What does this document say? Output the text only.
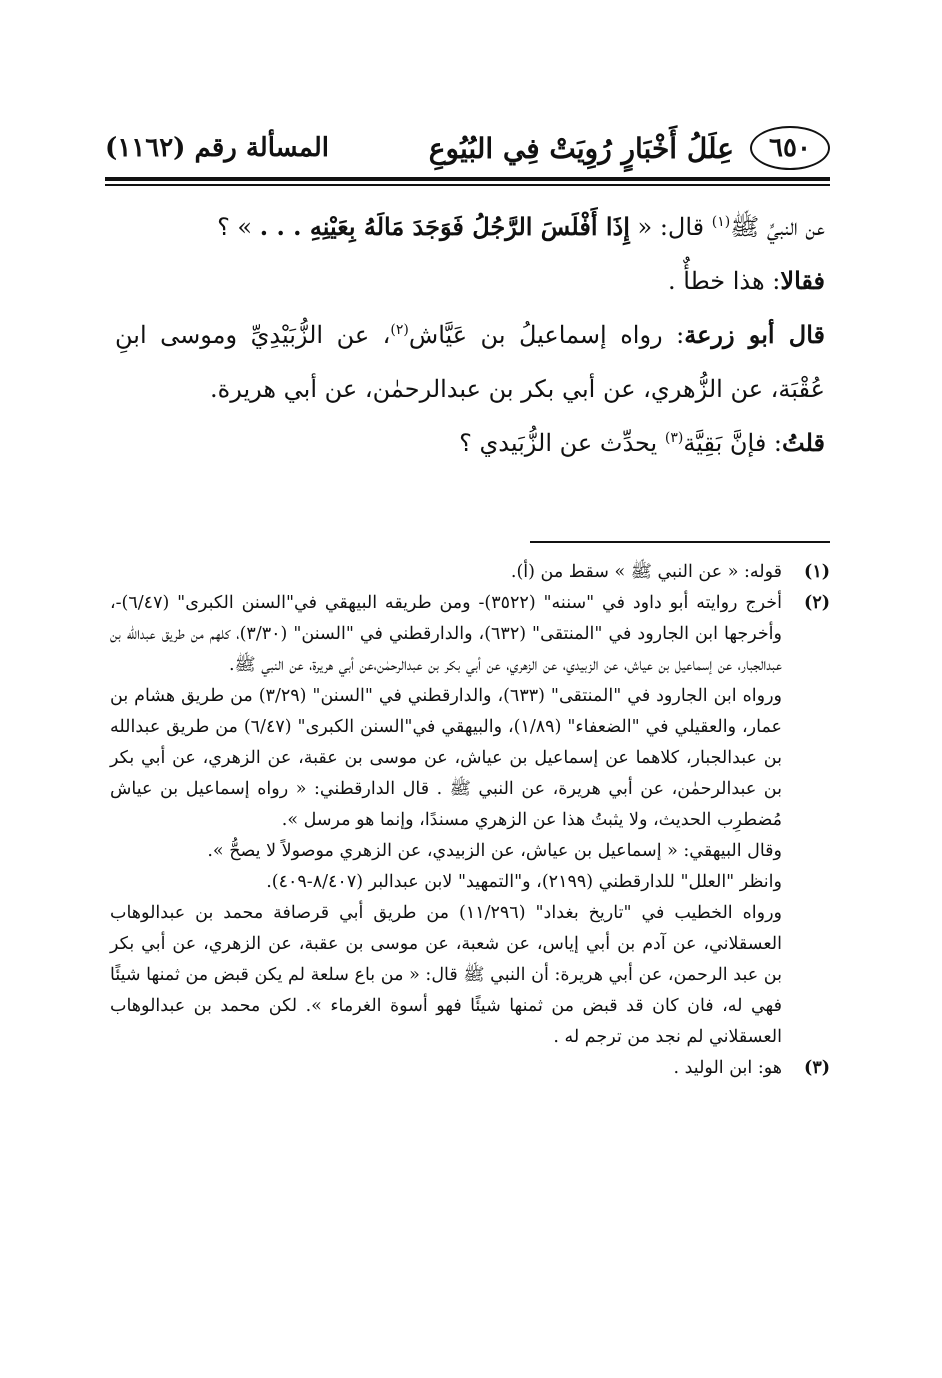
٦٥٠
عِلَلُ أَخْبَارٍ رُوِيَتْ فِي البُيُوعِ
المسألة رقم (١١٦٢)

عن النبيِّ ﷺ$^{(١)}$ قال: « إِذَا أَفْلَسَ الرَّجُلُ فَوَجَدَ مَالَهُ بِعَيْنِهِ . . . » ؟

فقالا: هذا خطأٌ .

قال أبو زرعة: رواه إسماعيلُ بن عَيَّاش$^{(٢)}$، عن الزُّبَيْدِيِّ وموسى ابنِ عُقْبَة، عن الزُّهري، عن أبي بكر بن عبدالرحمٰن، عن أبي هريرة.

قلتُ: فإنَّ بَقِيَّة$^{(٣)}$ يحدِّث عن الزُّبَيدي ؟

(١)

قوله: « عن النبي ﷺ » سقط من (أ).

(٢)

أخرج روايته أبو داود في "سننه" (٣٥٢٢)- ومن طريقه البيهقي في"السنن الكبرى" (٦/٤٧)-، وأخرجها ابن الجارود في "المنتقى" (٦٣٢)، والدارقطني في "السنن" (٣/٣٠)، كلهم من طريق عبدالله بن عبدالجبار، عن إسماعيل بن عياش، عن الزبيدي، عن الزهري، عن أبي بكر بن عبدالرحمٰن،عن أبي هريرة، عن النبي ﷺ.

ورواه ابن الجارود في "المنتقى" (٦٣٣)، والدارقطني في "السنن" (٣/٢٩) من طريق هشام بن عمار، والعقيلي في "الضعفاء" (١/٨٩)، والبيهقي في"السنن الكبرى" (٦/٤٧) من طريق عبدالله بن عبدالجبار، كلاهما عن إسماعيل بن عياش، عن موسى بن عقبة، عن الزهري، عن أبي بكر بن عبدالرحمٰن، عن أبي هريرة، عن النبي ﷺ . قال الدارقطني: « رواه إسماعيل بن عياش مُضطرِب الحديث، ولا يثبتُ هذا عن الزهري مسندًا، وإنما هو مرسل ».

وقال البيهقي: « إسماعيل بن عياش، عن الزبيدي، عن الزهري موصولاً لا يصحُّ ».

وانظر "العلل" للدارقطني (٢١٩٩)، و"التمهيد" لابن عبدالبر (٨/٤٠٧-٤٠٩).

ورواه الخطيب في "تاريخ بغداد" (١١/٢٩٦) من طريق أبي قرصافة محمد بن عبدالوهاب العسقلاني، عن آدم بن أبي إياس، عن شعبة، عن موسى بن عقبة، عن الزهري، عن أبي بكر بن عبد الرحمن، عن أبي هريرة: أن النبي ﷺ قال: « من باع سلعة لم يكن قبض من ثمنها شيئًا فهي له، فان كان قد قبض من ثمنها شيئًا فهو أسوة الغرماء ». لكن محمد بن عبدالوهاب العسقلاني لم نجد من ترجم له .

(٣)

هو: ابن الوليد .
